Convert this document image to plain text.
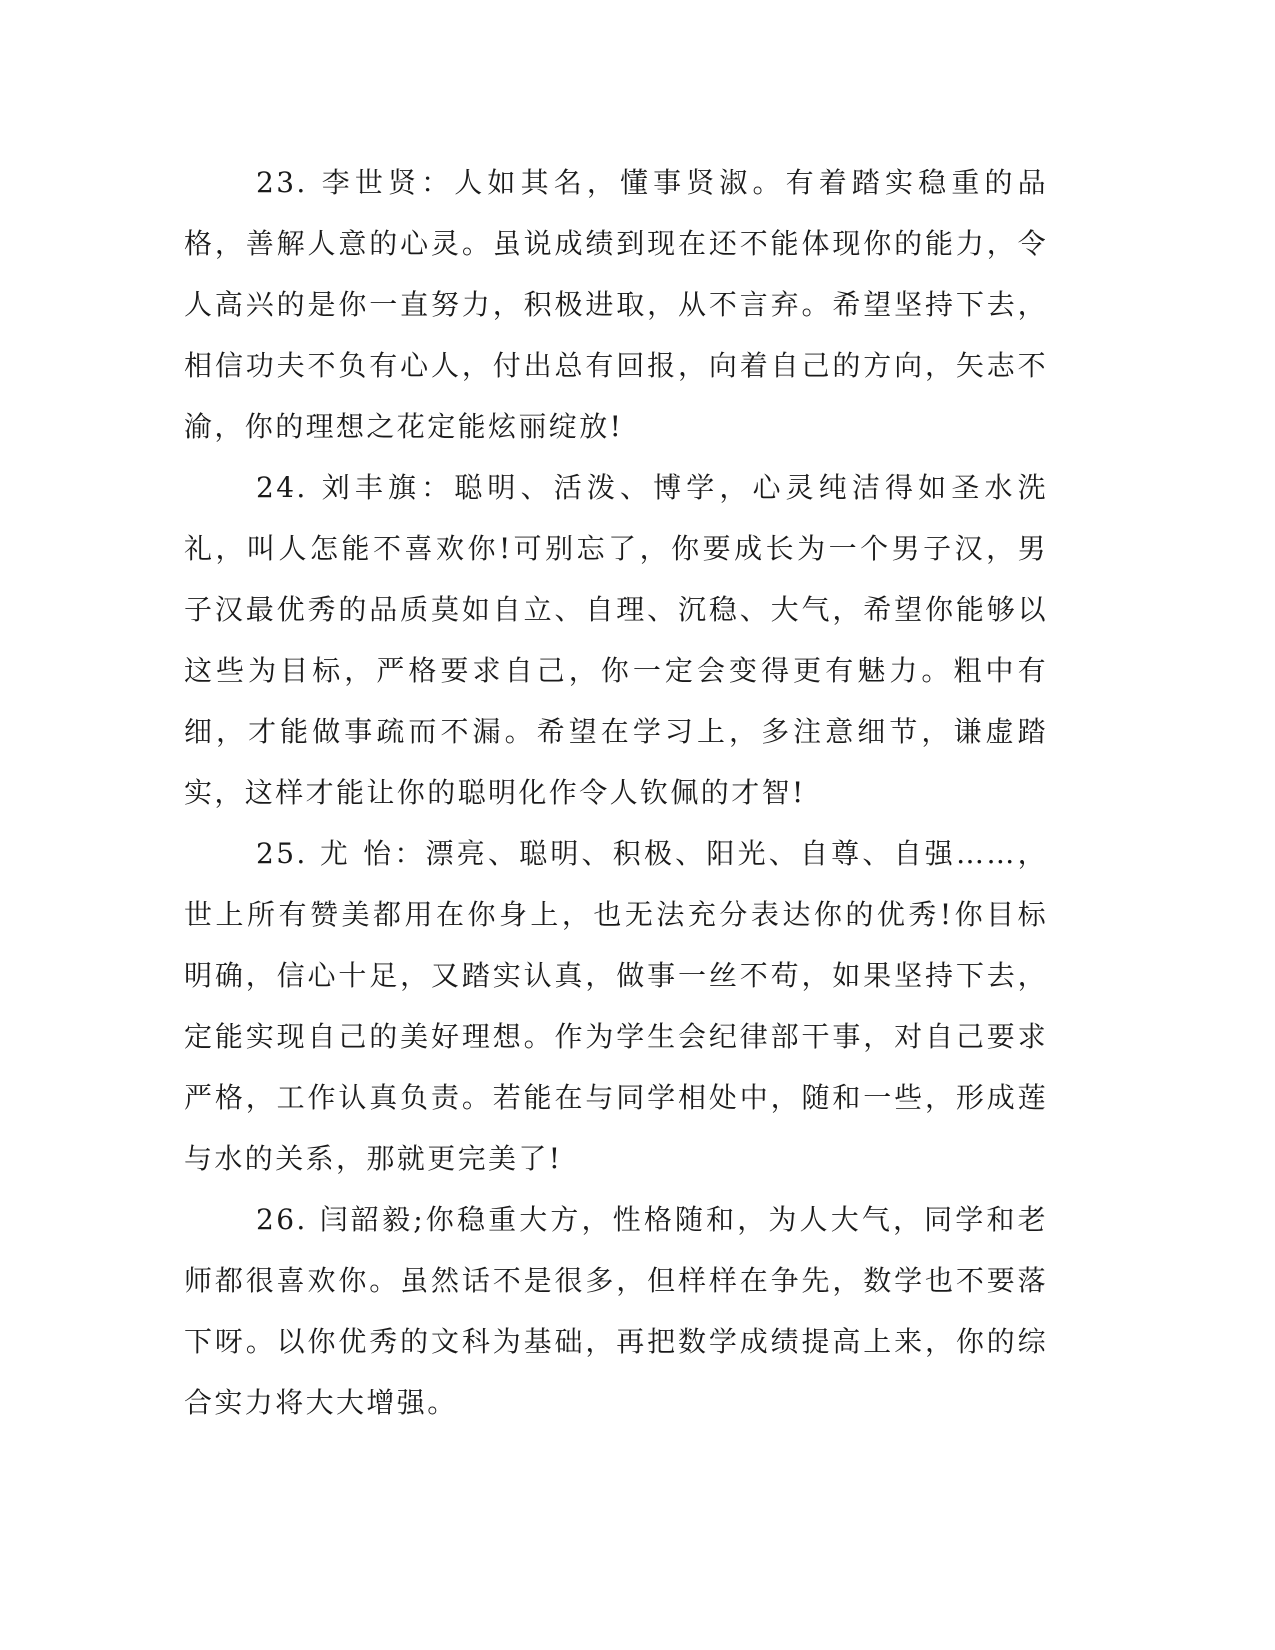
23. 李世贤：人如其名，懂事贤淑。有着踏实稳重的品格，善解人意的心灵。虽说成绩到现在还不能体现你的能力，令人高兴的是你一直努力，积极进取，从不言弃。希望坚持下去，相信功夫不负有心人，付出总有回报，向着自己的方向，矢志不渝，你的理想之花定能炫丽绽放!

24. 刘丰旗：聪明、活泼、博学，心灵纯洁得如圣水洗礼，叫人怎能不喜欢你!可别忘了，你要成长为一个男子汉，男子汉最优秀的品质莫如自立、自理、沉稳、大气，希望你能够以这些为目标，严格要求自己，你一定会变得更有魅力。粗中有细，才能做事疏而不漏。希望在学习上，多注意细节，谦虚踏实，这样才能让你的聪明化作令人钦佩的才智!

25. 尤 怡：漂亮、聪明、积极、阳光、自尊、自强……，世上所有赞美都用在你身上，也无法充分表达你的优秀!你目标明确，信心十足，又踏实认真，做事一丝不苟，如果坚持下去，定能实现自己的美好理想。作为学生会纪律部干事，对自己要求严格，工作认真负责。若能在与同学相处中，随和一些，形成莲与水的关系，那就更完美了!

26. 闫韶毅;你稳重大方，性格随和，为人大气，同学和老师都很喜欢你。虽然话不是很多，但样样在争先，数学也不要落下呀。以你优秀的文科为基础，再把数学成绩提高上来，你的综合实力将大大增强。
